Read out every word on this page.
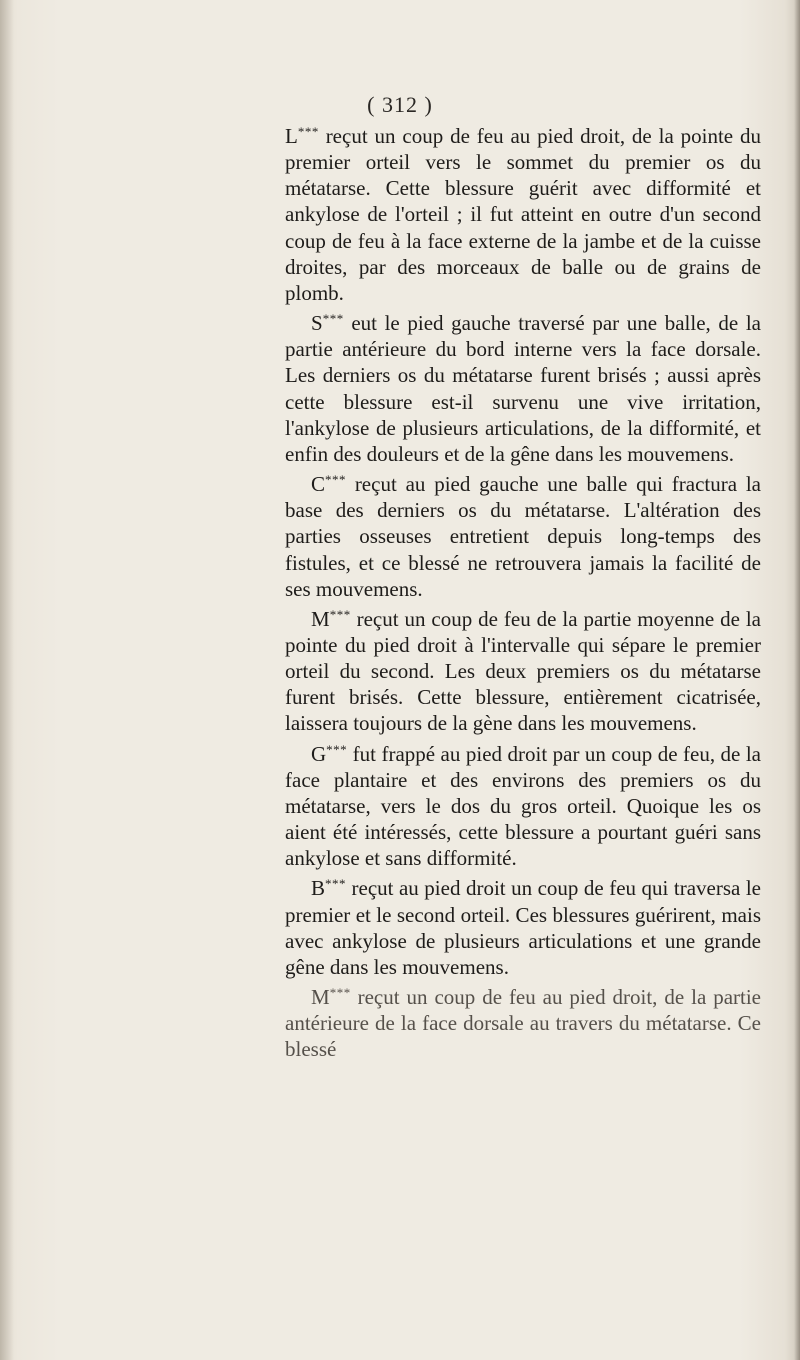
( 312 )

L*** reçut un coup de feu au pied droit, de la pointe du premier orteil vers le sommet du premier os du métatarse. Cette blessure guérit avec difformité et ankylose de l'orteil ; il fut atteint en outre d'un second coup de feu à la face externe de la jambe et de la cuisse droites, par des morceaux de balle ou de grains de plomb.

S*** eut le pied gauche traversé par une balle, de la partie antérieure du bord interne vers la face dorsale. Les derniers os du métatarse furent brisés ; aussi après cette blessure est-il survenu une vive irritation, l'ankylose de plusieurs articulations, de la difformité, et enfin des douleurs et de la gêne dans les mouvemens.

C*** reçut au pied gauche une balle qui fractura la base des derniers os du métatarse. L'altération des parties osseuses entretient depuis long-temps des fistules, et ce blessé ne retrouvera jamais la facilité de ses mouvemens.

M*** reçut un coup de feu de la partie moyenne de la pointe du pied droit à l'intervalle qui sépare le premier orteil du second. Les deux premiers os du métatarse furent brisés. Cette blessure, entièrement cicatrisée, laissera toujours de la gène dans les mouvemens.

G*** fut frappé au pied droit par un coup de feu, de la face plantaire et des environs des premiers os du métatarse, vers le dos du gros orteil. Quoique les os aient été intéressés, cette blessure a pourtant guéri sans ankylose et sans difformité.

B*** reçut au pied droit un coup de feu qui traversa le premier et le second orteil. Ces blessures guérirent, mais avec ankylose de plusieurs articulations et une grande gêne dans les mouvemens.

M*** reçut un coup de feu au pied droit, de la partie antérieure de la face dorsale au travers du métatarse. Ce blessé
